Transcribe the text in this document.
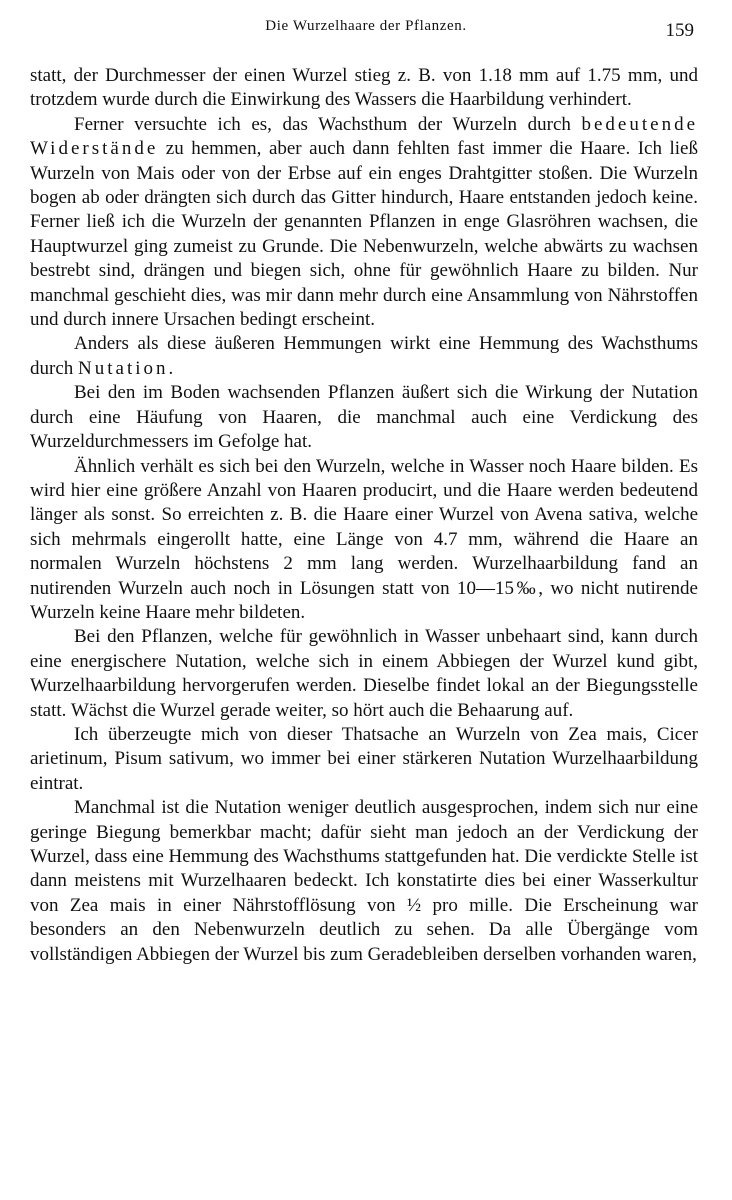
Die Wurzelhaare der Pflanzen.	159

statt, der Durchmesser der einen Wurzel stieg z. B. von 1.18 mm auf 1.75 mm, und trotzdem wurde durch die Einwirkung des Wassers die Haarbildung verhindert.

Ferner versuchte ich es, das Wachsthum der Wurzeln durch bedeutende Widerstände zu hemmen, aber auch dann fehlten fast immer die Haare. Ich ließ Wurzeln von Mais oder von der Erbse auf ein enges Drahtgitter stoßen. Die Wurzeln bogen ab oder drängten sich durch das Gitter hindurch, Haare entstanden jedoch keine. Ferner ließ ich die Wurzeln der genannten Pflanzen in enge Glasröhren wachsen, die Hauptwurzel ging zumeist zu Grunde. Die Nebenwurzeln, welche abwärts zu wachsen bestrebt sind, drängen und biegen sich, ohne für gewöhnlich Haare zu bilden. Nur manchmal geschieht dies, was mir dann mehr durch eine Ansammlung von Nährstoffen und durch innere Ursachen bedingt erscheint.

Anders als diese äußeren Hemmungen wirkt eine Hemmung des Wachsthums durch Nutation.

Bei den im Boden wachsenden Pflanzen äußert sich die Wirkung der Nutation durch eine Häufung von Haaren, die manchmal auch eine Verdickung des Wurzeldurchmessers im Gefolge hat.

Ähnlich verhält es sich bei den Wurzeln, welche in Wasser noch Haare bilden. Es wird hier eine größere Anzahl von Haaren producirt, und die Haare werden bedeutend länger als sonst. So erreichten z. B. die Haare einer Wurzel von Avena sativa, welche sich mehrmals eingerollt hatte, eine Länge von 4.7 mm, während die Haare an normalen Wurzeln höchstens 2 mm lang werden. Wurzelhaarbildung fand an nutirenden Wurzeln auch noch in Lösungen statt von 10—15‰, wo nicht nutirende Wurzeln keine Haare mehr bildeten.

Bei den Pflanzen, welche für gewöhnlich in Wasser unbehaart sind, kann durch eine energischere Nutation, welche sich in einem Abbiegen der Wurzel kund gibt, Wurzelhaarbildung hervorgerufen werden. Dieselbe findet lokal an der Biegungsstelle statt. Wächst die Wurzel gerade weiter, so hört auch die Behaarung auf.

Ich überzeugte mich von dieser Thatsache an Wurzeln von Zea mais, Cicer arietinum, Pisum sativum, wo immer bei einer stärkeren Nutation Wurzelhaarbildung eintrat.

Manchmal ist die Nutation weniger deutlich ausgesprochen, indem sich nur eine geringe Biegung bemerkbar macht; dafür sieht man jedoch an der Verdickung der Wurzel, dass eine Hemmung des Wachsthums stattgefunden hat. Die verdickte Stelle ist dann meistens mit Wurzelhaaren bedeckt. Ich konstatirte dies bei einer Wasserkultur von Zea mais in einer Nährstofflösung von ½ pro mille. Die Erscheinung war besonders an den Nebenwurzeln deutlich zu sehen. Da alle Übergänge vom vollständigen Abbiegen der Wurzel bis zum Geradebleiben derselben vorhanden waren,
